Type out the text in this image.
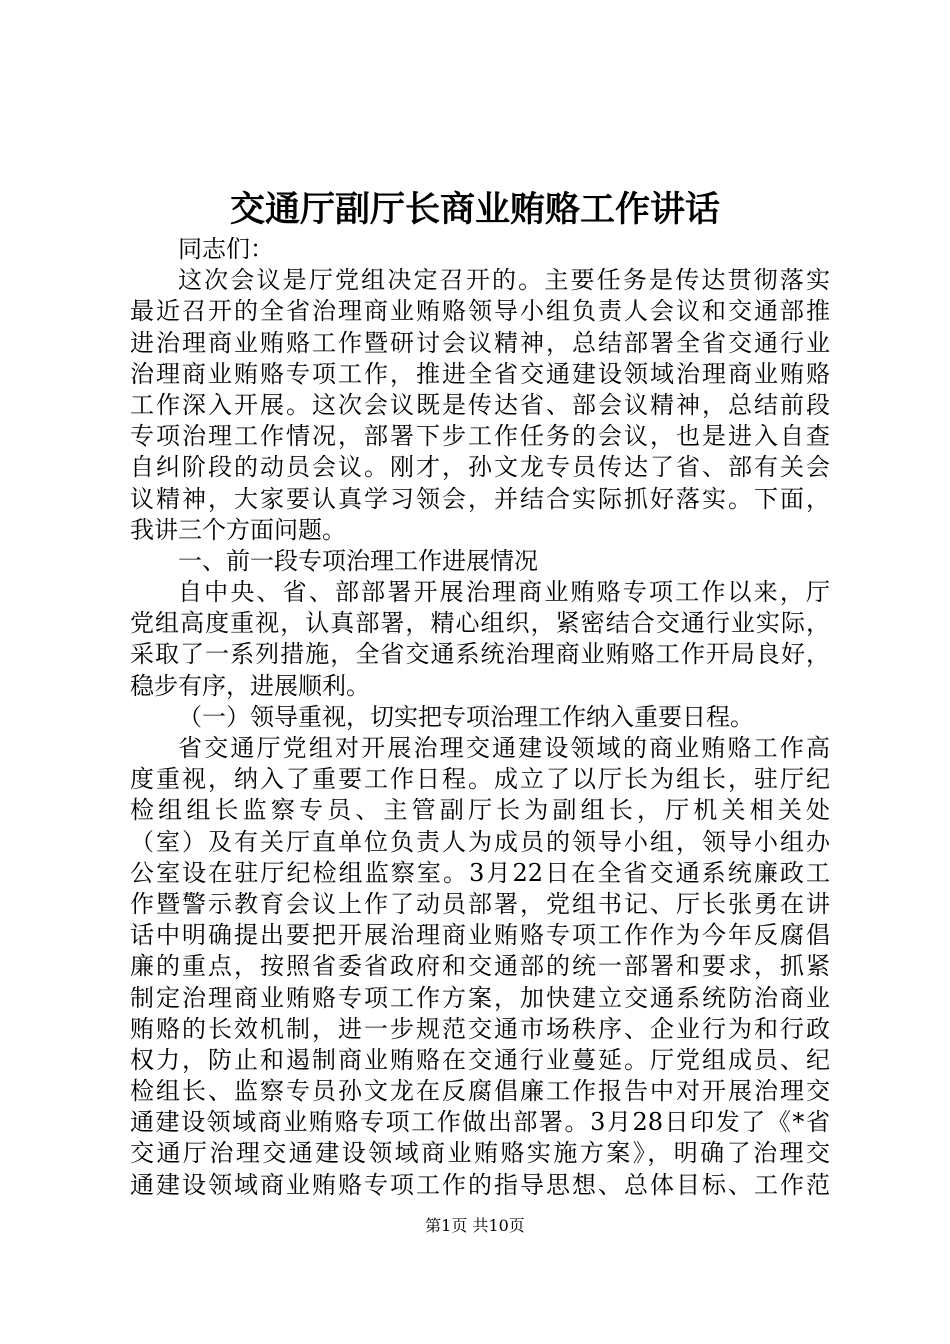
交通厅副厅长商业贿赂工作讲话
同志们：
这次会议是厅党组决定召开的。主要任务是传达贯彻落实
最近召开的全省治理商业贿赂领导小组负责人会议和交通部推
进治理商业贿赂工作暨研讨会议精神，总结部署全省交通行业
治理商业贿赂专项工作，推进全省交通建设领域治理商业贿赂
工作深入开展。这次会议既是传达省、部会议精神，总结前段
专项治理工作情况，部署下步工作任务的会议，也是进入自查
自纠阶段的动员会议。刚才，孙文龙专员传达了省、部有关会
议精神，大家要认真学习领会，并结合实际抓好落实。下面，
我讲三个方面问题。
一、前一段专项治理工作进展情况
自中央、省、部部署开展治理商业贿赂专项工作以来，厅
党组高度重视，认真部署，精心组织，紧密结合交通行业实际，
采取了一系列措施，全省交通系统治理商业贿赂工作开局良好，
稳步有序，进展顺利。
（一）领导重视，切实把专项治理工作纳入重要日程。
省交通厅党组对开展治理交通建设领域的商业贿赂工作高
度重视，纳入了重要工作日程。成立了以厅长为组长，驻厅纪
检组组长监察专员、主管副厅长为副组长，厅机关相关处
（室）及有关厅直单位负责人为成员的领导小组，领导小组办
公室设在驻厅纪检组监察室。3月22日在全省交通系统廉政工
作暨警示教育会议上作了动员部署，党组书记、厅长张勇在讲
话中明确提出要把开展治理商业贿赂专项工作作为今年反腐倡
廉的重点，按照省委省政府和交通部的统一部署和要求，抓紧
制定治理商业贿赂专项工作方案，加快建立交通系统防治商业
贿赂的长效机制，进一步规范交通市场秩序、企业行为和行政
权力，防止和遏制商业贿赂在交通行业蔓延。厅党组成员、纪
检组长、监察专员孙文龙在反腐倡廉工作报告中对开展治理交
通建设领域商业贿赂专项工作做出部署。3月28日印发了《*省
交通厅治理交通建设领域商业贿赂实施方案》，明确了治理交
通建设领域商业贿赂专项工作的指导思想、总体目标、工作范
第1页 共10页
